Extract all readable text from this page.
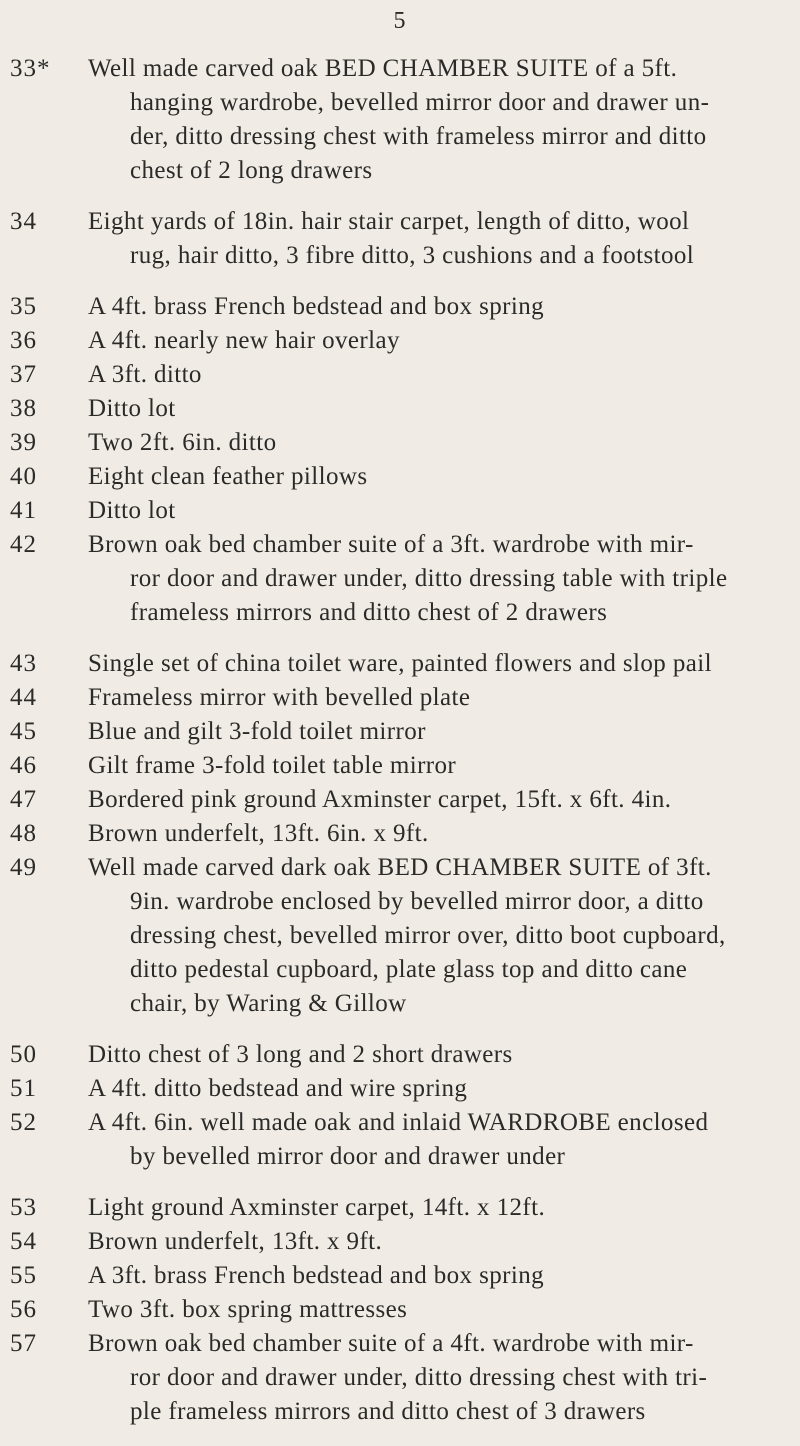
5
33* Well made carved oak BED CHAMBER SUITE of a 5ft.
hanging wardrobe, bevelled mirror door and drawer un-
der, ditto dressing chest with frameless mirror and ditto
chest of 2 long drawers
34 Eight yards of 18in. hair stair carpet, length of ditto, wool
rug, hair ditto, 3 fibre ditto, 3 cushions and a footstool
35 A 4ft. brass French bedstead and box spring
36 A 4ft. nearly new hair overlay
37 A 3ft. ditto
38 Ditto lot
39 Two 2ft. 6in. ditto
40 Eight clean feather pillows
41 Ditto lot
42 Brown oak bed chamber suite of a 3ft. wardrobe with mir-
ror door and drawer under, ditto dressing table with triple
frameless mirrors and ditto chest of 2 drawers
43 Single set of china toilet ware, painted flowers and slop pail
44 Frameless mirror with bevelled plate
45 Blue and gilt 3-fold toilet mirror
46 Gilt frame 3-fold toilet table mirror
47 Bordered pink ground Axminster carpet, 15ft. x 6ft. 4in.
48 Brown underfelt, 13ft. 6in. x 9ft.
49 Well made carved dark oak BED CHAMBER SUITE of 3ft.
9in. wardrobe enclosed by bevelled mirror door, a ditto
dressing chest, bevelled mirror over, ditto boot cupboard,
ditto pedestal cupboard, plate glass top and ditto cane
chair, by Waring & Gillow
50 Ditto chest of 3 long and 2 short drawers
51 A 4ft. ditto bedstead and wire spring
52 A 4ft. 6in. well made oak and inlaid WARDROBE enclosed
by bevelled mirror door and drawer under
53 Light ground Axminster carpet, 14ft. x 12ft.
54 Brown underfelt, 13ft. x 9ft.
55 A 3ft. brass French bedstead and box spring
56 Two 3ft. box spring mattresses
57 Brown oak bed chamber suite of a 4ft. wardrobe with mir-
ror door and drawer under, ditto dressing chest with tri-
ple frameless mirrors and ditto chest of 3 drawers
